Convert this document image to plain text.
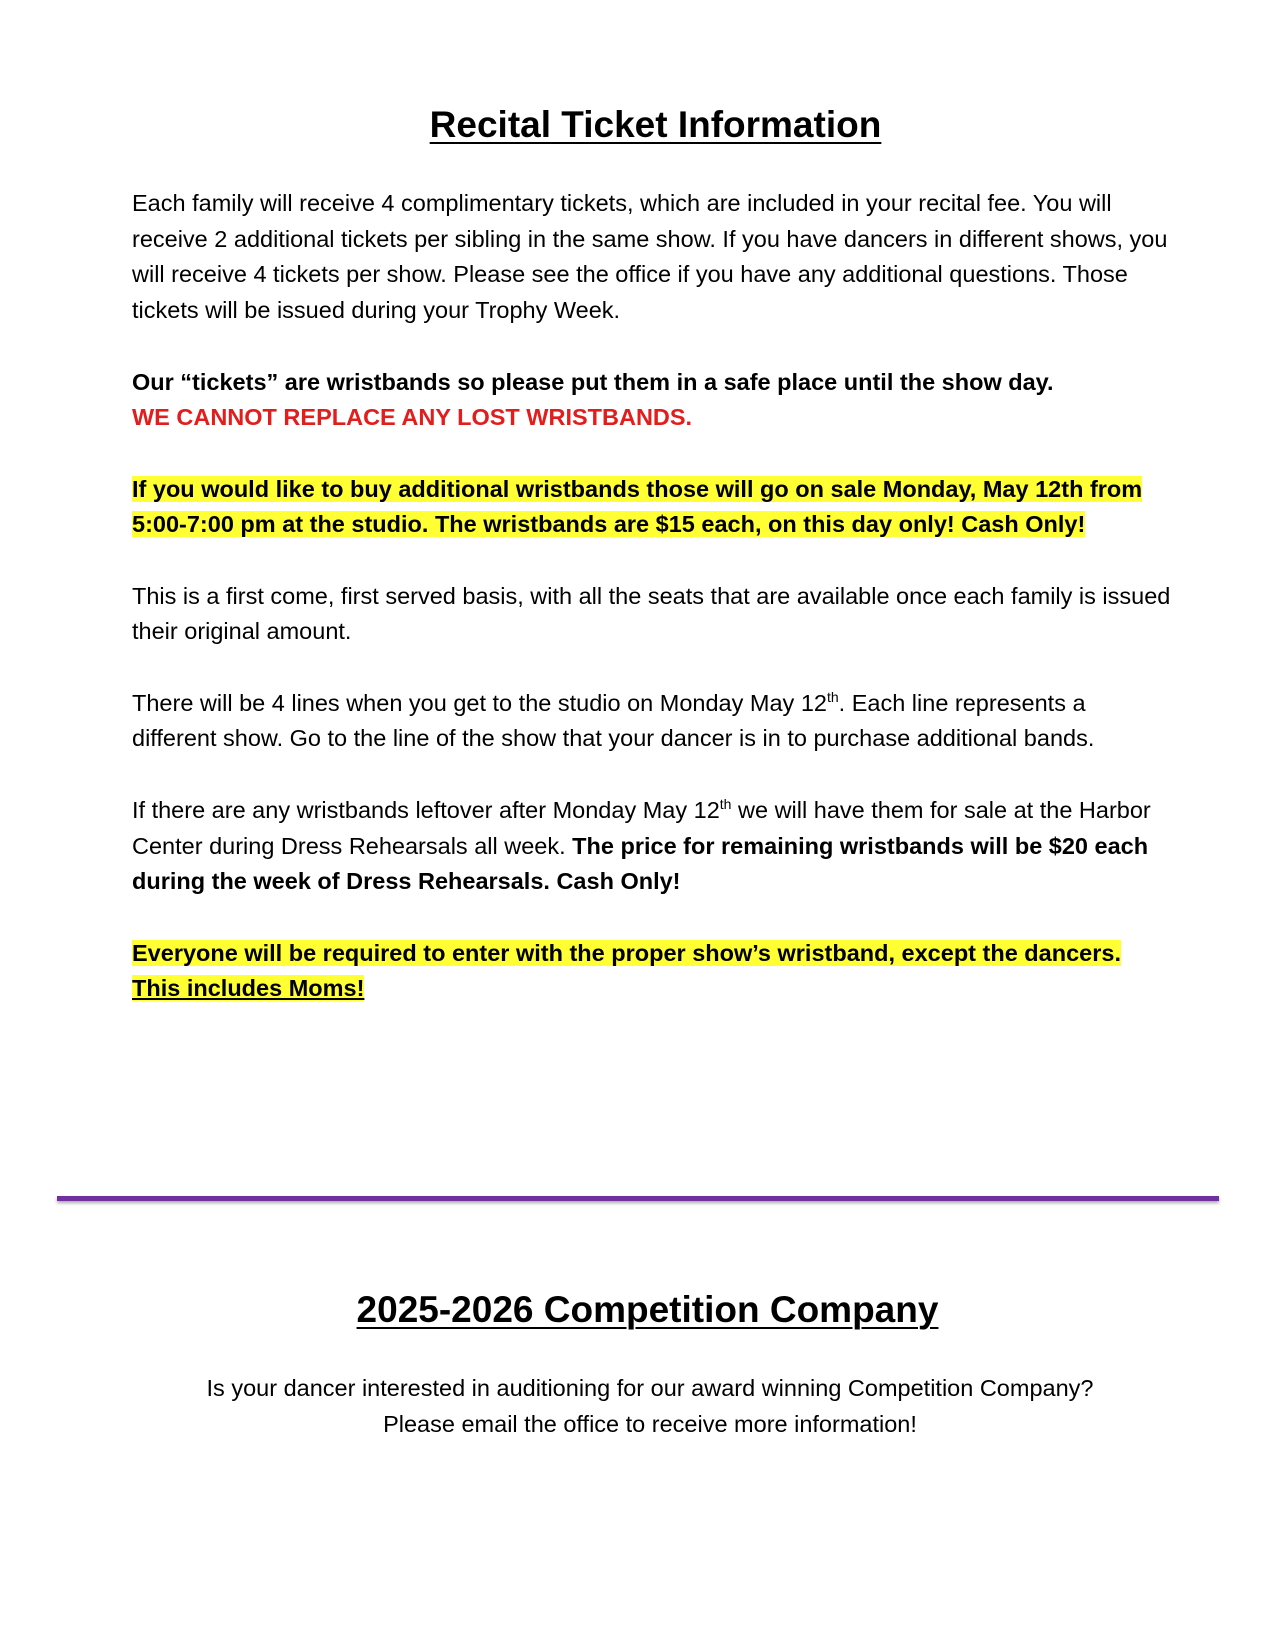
Recital Ticket Information

Each family will receive 4 complimentary tickets, which are included in your recital fee. You will receive 2 additional tickets per sibling in the same show. If you have dancers in different shows, you will receive 4 tickets per show. Please see the office if you have any additional questions. Those tickets will be issued during your Trophy Week.

Our “tickets” are wristbands so please put them in a safe place until the show day.
WE CANNOT REPLACE ANY LOST WRISTBANDS.

If you would like to buy additional wristbands those will go on sale Monday, May 12th from 5:00-7:00 pm at the studio. The wristbands are $15 each, on this day only! Cash Only!

This is a first come, first served basis, with all the seats that are available once each family is issued their original amount.

There will be 4 lines when you get to the studio on Monday May 12th. Each line represents a different show. Go to the line of the show that your dancer is in to purchase additional bands.

If there are any wristbands leftover after Monday May 12th we will have them for sale at the Harbor Center during Dress Rehearsals all week. The price for remaining wristbands will be $20 each during the week of Dress Rehearsals. Cash Only!

Everyone will be required to enter with the proper show’s wristband, except the dancers. This includes Moms!

2025-2026 Competition Company
Is your dancer interested in auditioning for our award winning Competition Company?
Please email the office to receive more information!
